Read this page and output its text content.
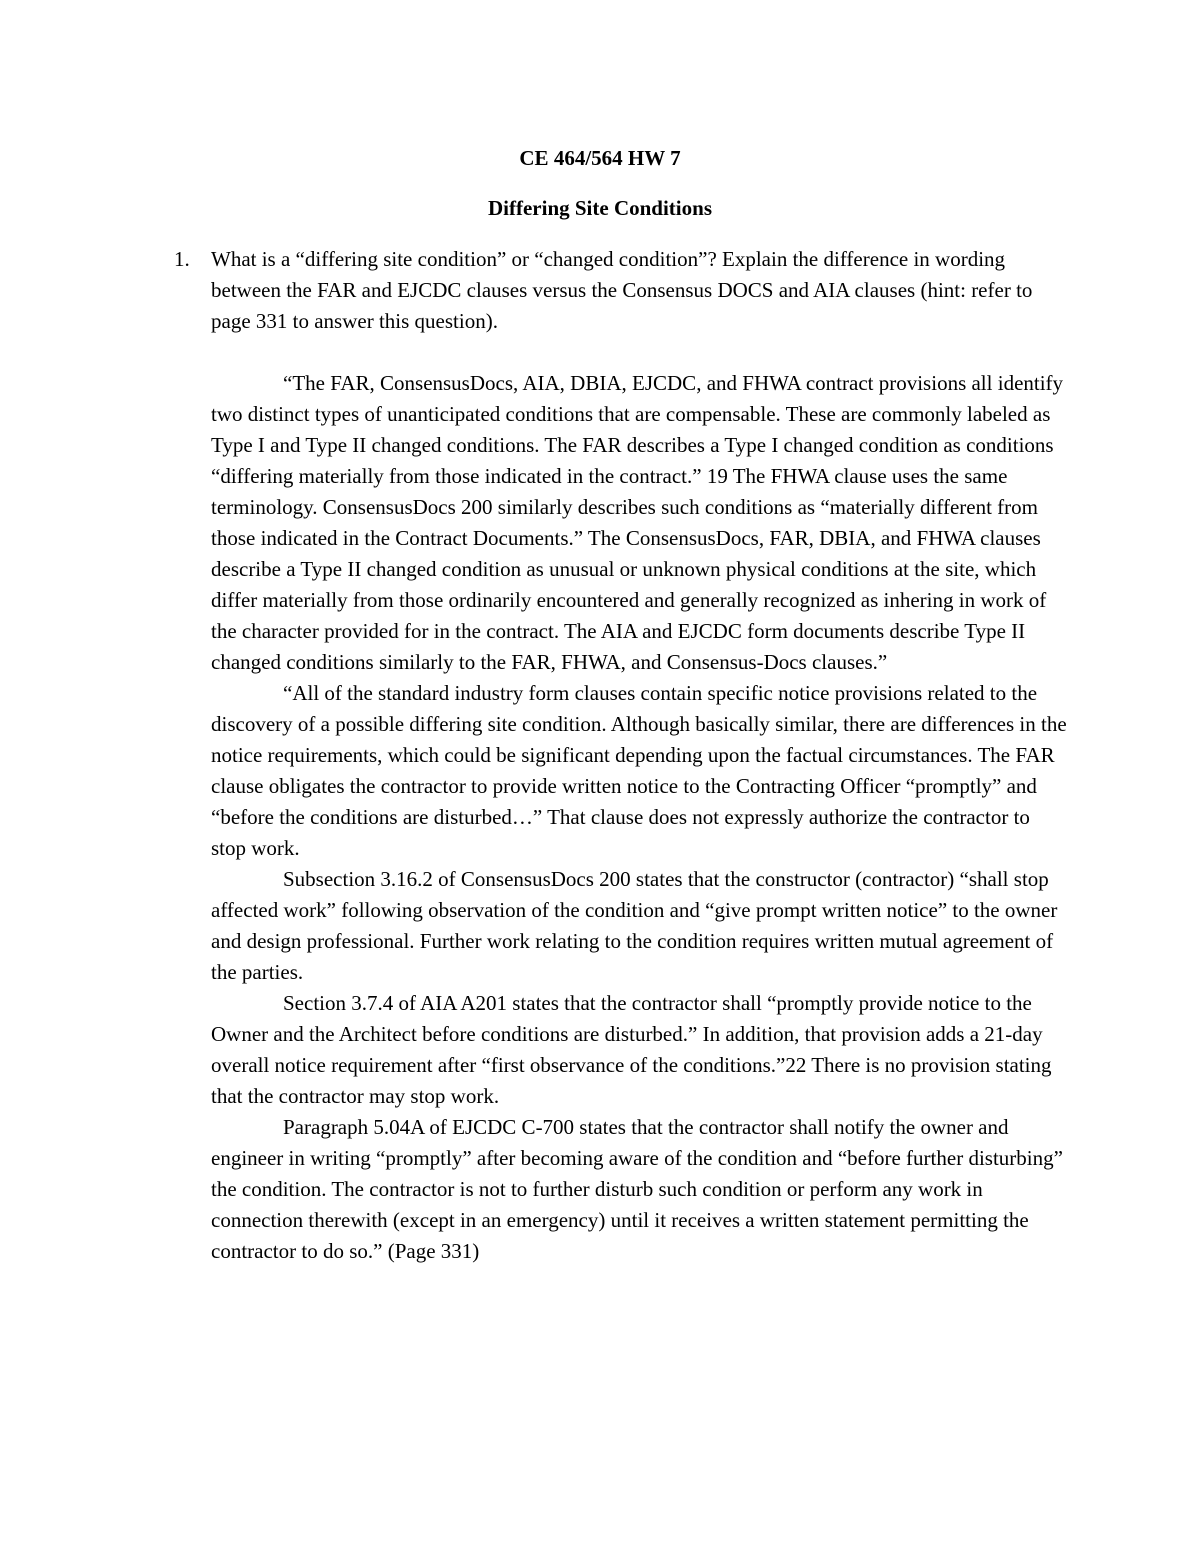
CE 464/564 HW 7
Differing Site Conditions
1.	What is a “differing site condition” or “changed condition”? Explain the difference in wording between the FAR and EJCDC clauses versus the Consensus DOCS and AIA clauses (hint: refer to page 331 to answer this question).

“The FAR, ConsensusDocs, AIA, DBIA, EJCDC, and FHWA contract provisions all identify two distinct types of unanticipated conditions that are compensable. These are commonly labeled as Type I and Type II changed conditions. The FAR describes a Type I changed condition as conditions “differing materially from those indicated in the contract.” 19 The FHWA clause uses the same terminology. ConsensusDocs 200 similarly describes such conditions as “materially different from those indicated in the Contract Documents.” The ConsensusDocs, FAR, DBIA, and FHWA clauses describe a Type II changed condition as unusual or unknown physical conditions at the site, which differ materially from those ordinarily encountered and generally recognized as inhering in work of the character provided for in the contract. The AIA and EJCDC form documents describe Type II changed conditions similarly to the FAR, FHWA, and Consensus-Docs clauses.”

“All of the standard industry form clauses contain specific notice provisions related to the discovery of a possible differing site condition. Although basically similar, there are differences in the notice requirements, which could be significant depending upon the factual circumstances. The FAR clause obligates the contractor to provide written notice to the Contracting Officer “promptly” and “before the conditions are disturbed…” That clause does not expressly authorize the contractor to stop work.

Subsection 3.16.2 of ConsensusDocs 200 states that the constructor (contractor) “shall stop affected work” following observation of the condition and “give prompt written notice” to the owner and design professional. Further work relating to the condition requires written mutual agreement of the parties.

Section 3.7.4 of AIA A201 states that the contractor shall “promptly provide notice to the Owner and the Architect before conditions are disturbed.” In addition, that provision adds a 21-day overall notice requirement after “first observance of the conditions.”22 There is no provision stating that the contractor may stop work.

Paragraph 5.04A of EJCDC C-700 states that the contractor shall notify the owner and engineer in writing “promptly” after becoming aware of the condition and “before further disturbing” the condition. The contractor is not to further disturb such condition or perform any work in connection therewith (except in an emergency) until it receives a written statement permitting the contractor to do so.” (Page 331)
